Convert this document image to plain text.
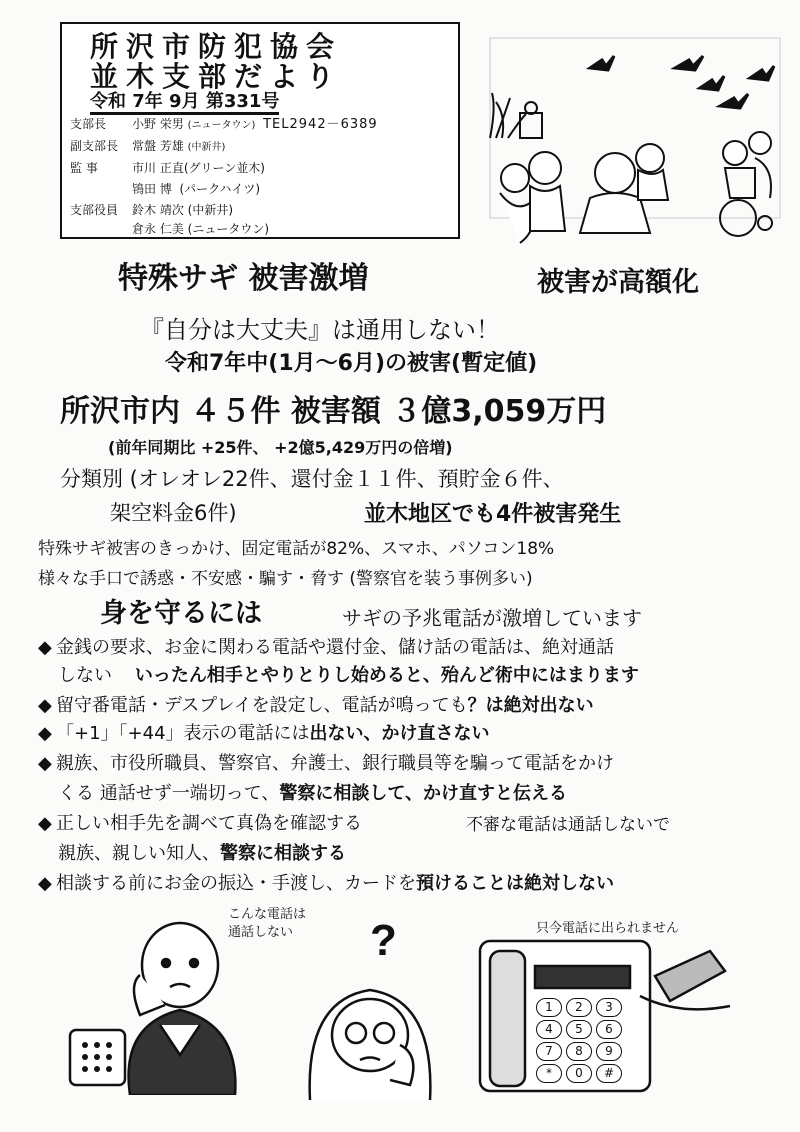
所沢市防犯協会
並木支部だより
令和 7年 9月 第331号
支部長 小野 栄男 (ニュータウン) TEL2942－6389
副支部長 常盤 芳雄 (中新井)
監 事	市川 正直(グリーン並木)
鴇田 博 (パークハイツ)
支部役員 鈴木 靖次 (中新井)
倉永 仁美 (ニュータウン)

特殊サギ 被害激増	被害が高額化
『自分は大丈夫』は通用しない！
令和7年中(1月～6月)の被害(暫定値)
所沢市内 ４５件 被害額 ３億3,059万円
(前年同期比 +25件、 +2億5,429万円の倍増)
分類別 (オレオレ22件、還付金１１件、預貯金６件、
架空料金6件)	並木地区でも4件被害発生
特殊サギ被害のきっかけ、固定電話が82%、スマホ、パソコン18%
様々な手口で誘惑・不安感・騙す・脅す (警察官を装う事例多い)
身を守るには	サギの予兆電話が激増しています
◆ 金銭の要求、お金に関わる電話や還付金、儲け話の電話は、絶対通話
しない いったん相手とやりとりし始めると、殆んど術中にはまります
◆ 留守番電話・デスプレイを設定し、電話が鳴っても？は絶対出ない
◆ 「+1」「+44」表示の電話には出ない、かけ直さない
◆ 親族、市役所職員、警察官、弁護士、銀行職員等を騙って電話をかけ
くる 通話せず一端切って、警察に相談して、かけ直すと伝える
◆ 正しい相手先を調べて真偽を確認する	不審な電話は通話しないで
親族、親しい知人、警察に相談する
◆ 相談する前にお金の振込・手渡し、カードを預けることは絶対しない
こんな電話は
通話しない	只今電話に出られません
?
1	2	3
4	5	6
7	8	9
*	0	#
